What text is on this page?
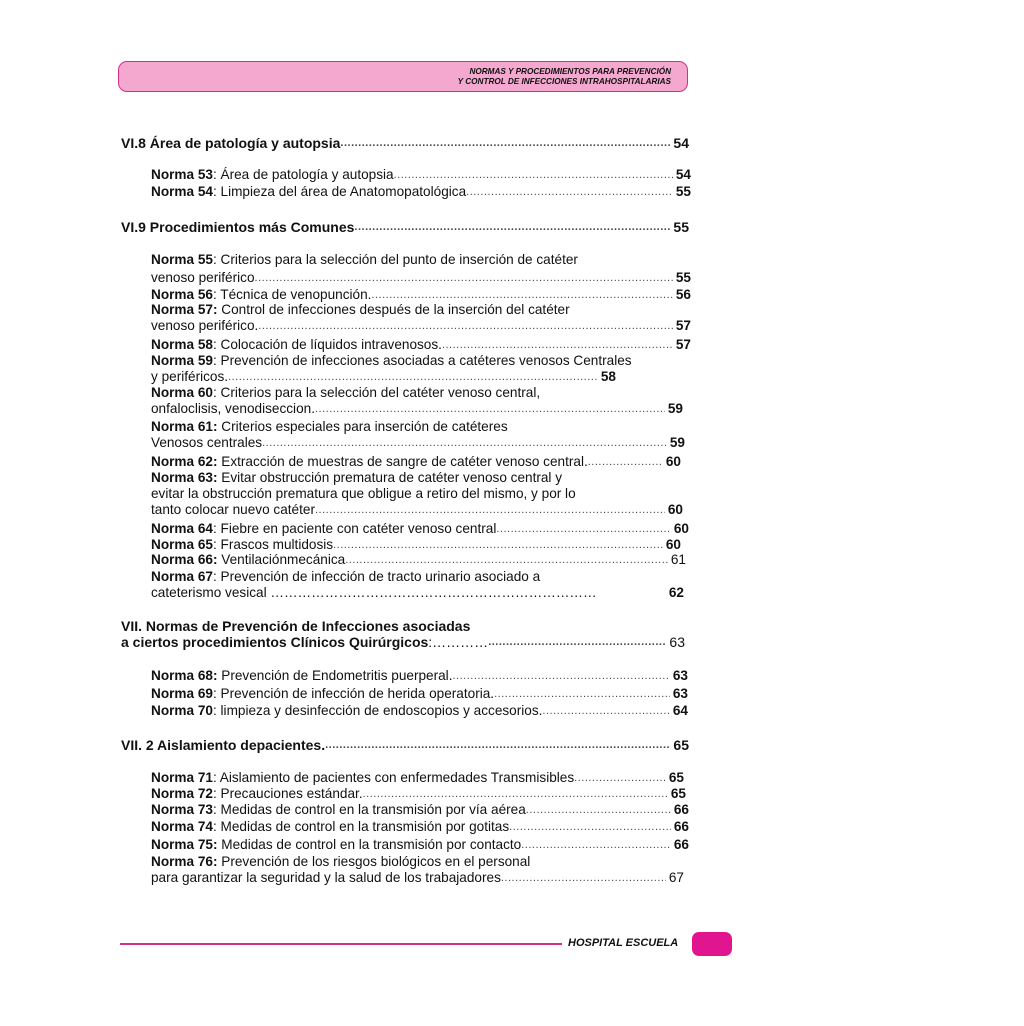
NORMAS Y PROCEDIMIENTOS PARA PREVENCIÓN
Y CONTROL DE INFECCIONES INTRAHOSPITALARIAS
VI.8 Área de patología y autopsia .....	54
Norma 53: Área de patología y autopsia .....	54
Norma 54: Limpieza del área de Anatomopatológica .....	55
VI.9 Procedimientos más Comunes .....	55
Norma 55: Criterios para la selección del punto de inserción de catéter
venoso periférico .....	55
Norma 56: Técnica de venopunción. .....	56
Norma 57: Control de infecciones después de la inserción del catéter
venoso periférico. .....	57
Norma 58: Colocación de líquidos intravenosos. .....	57
Norma 59: Prevención de infecciones asociadas a catéteres venosos Centrales
y periféricos. .....	58
Norma 60: Criterios para la selección del catéter venoso central,
onfaloclisis, venodiseccion. .....	59
Norma 61: Criterios especiales para inserción de catéteres
Venosos centrales .....	59
Norma 62: Extracción de muestras de sangre de catéter venoso central. .....	60
Norma 63: Evitar obstrucción prematura de catéter venoso central y
evitar la obstrucción prematura que obligue a retiro del mismo, y por lo
tanto colocar nuevo catéter .....	60
Norma 64: Fiebre en paciente con catéter venoso central .....	60
Norma 65: Frascos multidosis .....	60
Norma 66: Ventilaciónmecánica .....	61
Norma 67: Prevención de infección de tracto urinario asociado a
cateterismo vesical ………………………………………………………………	62
VII. Normas de Prevención de Infecciones asociadas
a ciertos procedimientos Clínicos Quirúrgicos :………… .....	63
Norma 68: Prevención de Endometritis puerperal. .....	63
Norma 69: Prevención de infección de herida operatoria. .....	63
Norma 70: limpieza y desinfección de endoscopios y accesorios. .....	64
VII. 2 Aislamiento depacientes. .....	65
Norma 71: Aislamiento de pacientes con enfermedades Transmisibles .....	65
Norma 72: Precauciones estándar. .....	65
Norma 73: Medidas de control en la transmisión por vía aérea .....	66
Norma 74: Medidas de control en la transmisión por gotitas .....	66
Norma 75: Medidas de control en la transmisión por contacto .....	66
Norma 76: Prevención de los riesgos biológicos en el personal
para garantizar la seguridad y la salud de los trabajadores .....	67
HOSPITAL ESCUELA
